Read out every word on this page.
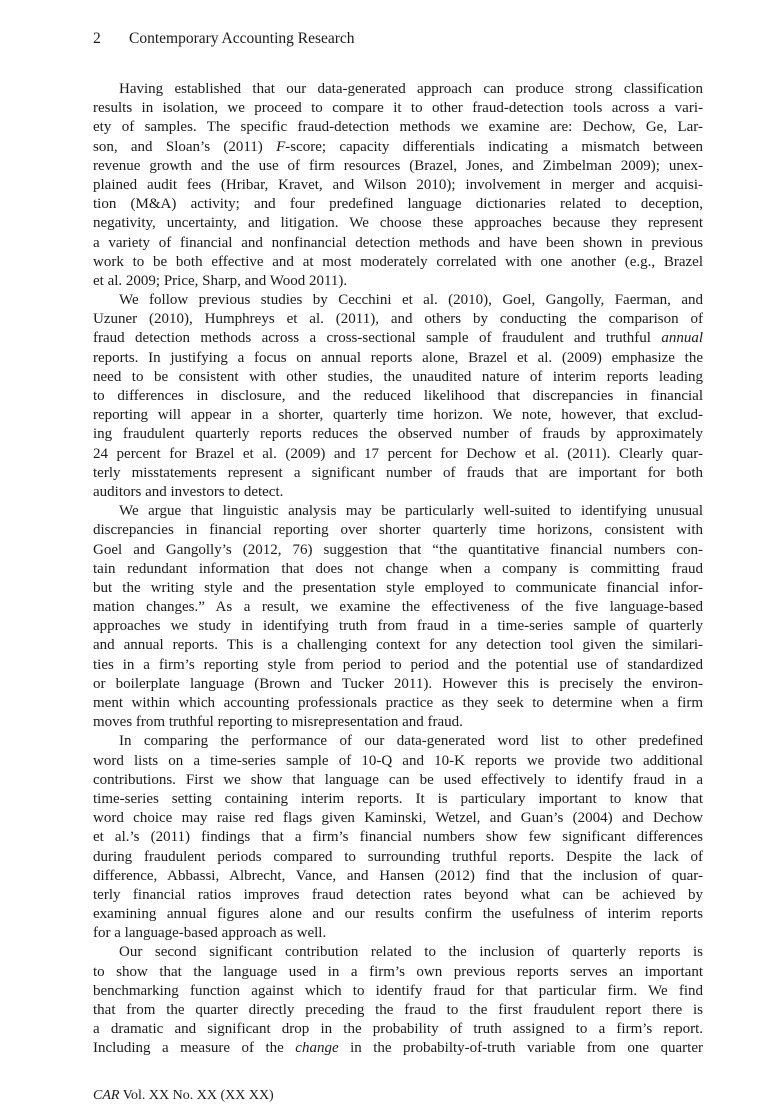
2 Contemporary Accounting Research
Having established that our data-generated approach can produce strong classification
results in isolation, we proceed to compare it to other fraud-detection tools across a vari-
ety of samples. The specific fraud-detection methods we examine are: Dechow, Ge, Lar-
son, and Sloan’s (2011) F-score; capacity differentials indicating a mismatch between
revenue growth and the use of firm resources (Brazel, Jones, and Zimbelman 2009); unex-
plained audit fees (Hribar, Kravet, and Wilson 2010); involvement in merger and acquisi-
tion (M&A) activity; and four predefined language dictionaries related to deception,
negativity, uncertainty, and litigation. We choose these approaches because they represent
a variety of financial and nonfinancial detection methods and have been shown in previous
work to be both effective and at most moderately correlated with one another (e.g., Brazel
et al. 2009; Price, Sharp, and Wood 2011).
We follow previous studies by Cecchini et al. (2010), Goel, Gangolly, Faerman, and
Uzuner (2010), Humphreys et al. (2011), and others by conducting the comparison of
fraud detection methods across a cross-sectional sample of fraudulent and truthful annual
reports. In justifying a focus on annual reports alone, Brazel et al. (2009) emphasize the
need to be consistent with other studies, the unaudited nature of interim reports leading
to differences in disclosure, and the reduced likelihood that discrepancies in financial
reporting will appear in a shorter, quarterly time horizon. We note, however, that exclud-
ing fraudulent quarterly reports reduces the observed number of frauds by approximately
24 percent for Brazel et al. (2009) and 17 percent for Dechow et al. (2011). Clearly quar-
terly misstatements represent a significant number of frauds that are important for both
auditors and investors to detect.
We argue that linguistic analysis may be particularly well-suited to identifying unusual
discrepancies in financial reporting over shorter quarterly time horizons, consistent with
Goel and Gangolly’s (2012, 76) suggestion that “the quantitative financial numbers con-
tain redundant information that does not change when a company is committing fraud
but the writing style and the presentation style employed to communicate financial infor-
mation changes.” As a result, we examine the effectiveness of the five language-based
approaches we study in identifying truth from fraud in a time-series sample of quarterly
and annual reports. This is a challenging context for any detection tool given the similari-
ties in a firm’s reporting style from period to period and the potential use of standardized
or boilerplate language (Brown and Tucker 2011). However this is precisely the environ-
ment within which accounting professionals practice as they seek to determine when a firm
moves from truthful reporting to misrepresentation and fraud.
In comparing the performance of our data-generated word list to other predefined
word lists on a time-series sample of 10-Q and 10-K reports we provide two additional
contributions. First we show that language can be used effectively to identify fraud in a
time-series setting containing interim reports. It is particulary important to know that
word choice may raise red flags given Kaminski, Wetzel, and Guan’s (2004) and Dechow
et al.’s (2011) findings that a firm’s financial numbers show few significant differences
during fraudulent periods compared to surrounding truthful reports. Despite the lack of
difference, Abbassi, Albrecht, Vance, and Hansen (2012) find that the inclusion of quar-
terly financial ratios improves fraud detection rates beyond what can be achieved by
examining annual figures alone and our results confirm the usefulness of interim reports
for a language-based approach as well.
Our second significant contribution related to the inclusion of quarterly reports is
to show that the language used in a firm’s own previous reports serves an important
benchmarking function against which to identify fraud for that particular firm. We find
that from the quarter directly preceding the fraud to the first fraudulent report there is
a dramatic and significant drop in the probability of truth assigned to a firm’s report.
Including a measure of the change in the probabilty-of-truth variable from one quarter
CAR Vol. XX No. XX (XX XX)
